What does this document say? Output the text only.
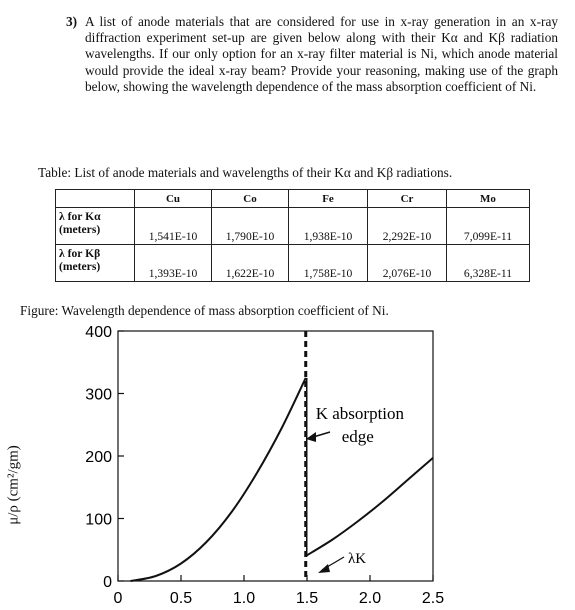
3) A list of anode materials that are considered for use in x-ray generation in an x-ray diffraction experiment set-up are given below along with their Kα and Kβ radiation wavelengths. If our only option for an x-ray filter material is Ni, which anode material would provide the ideal x-ray beam? Provide your reasoning, making use of the graph below, showing the wavelength dependence of the mass absorption coefficient of Ni.
Table: List of anode materials and wavelengths of their Kα and Kβ radiations.
	Cu	Co	Fe	Cr	Mo
λ for Kα
(meters)	1,541E-10	1,790E-10	1,938E-10	2,292E-10	7,099E-11
λ for Kβ
(meters)	1,393E-10	1,622E-10	1,758E-10	2,076E-10	6,328E-11
Figure: Wavelength dependence of mass absorption coefficient of Ni.
μ/ρ (cm²/gm)
0
100
200
300
400
0	0.5	1.0	1.5	2.0	2.5
K absorption
edge
λK
